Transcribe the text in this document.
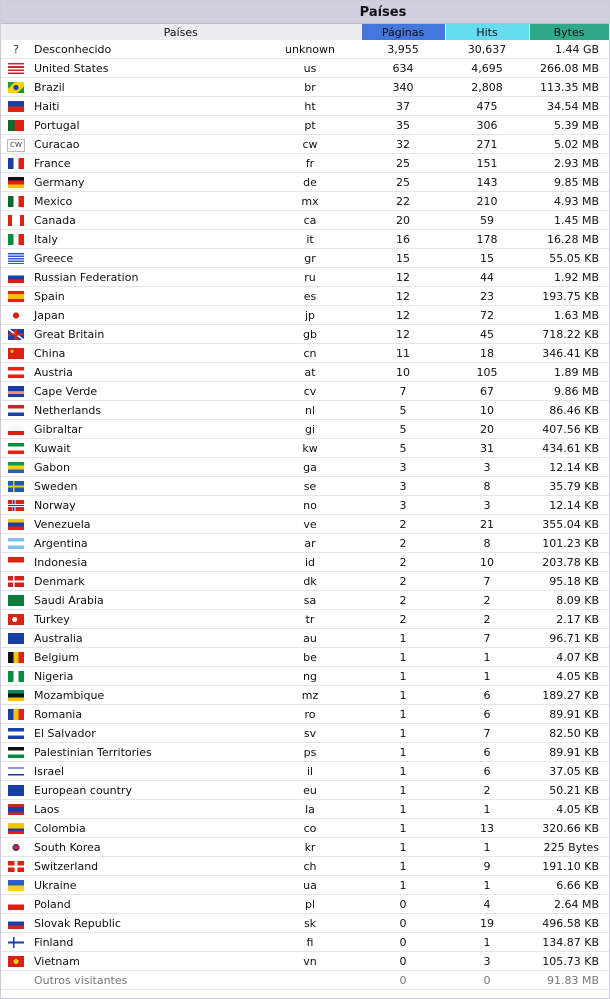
Países
Países			Páginas	Hits	Bytes
?	Desconhecido	unknown	3,955	30,637	1.44 GB
	United States	us	634	4,695	266.08 MB
	Brazil	br	340	2,808	113.35 MB
	Haiti	ht	37	475	34.54 MB
	Portugal	pt	35	306	5.39 MB
cw	Curacao	cw	32	271	5.02 MB
	France	fr	25	151	2.93 MB
	Germany	de	25	143	9.85 MB
	Mexico	mx	22	210	4.93 MB
	Canada	ca	20	59	1.45 MB
	Italy	it	16	178	16.28 MB
	Greece	gr	15	15	55.05 KB
	Russian Federation	ru	12	44	1.92 MB
	Spain	es	12	23	193.75 KB
	Japan	jp	12	72	1.63 MB
	Great Britain	gb	12	45	718.22 KB
	China	cn	11	18	346.41 KB
	Austria	at	10	105	1.89 MB
	Cape Verde	cv	7	67	9.86 MB
	Netherlands	nl	5	10	86.46 KB
	Gibraltar	gi	5	20	407.56 KB
	Kuwait	kw	5	31	434.61 KB
	Gabon	ga	3	3	12.14 KB
	Sweden	se	3	8	35.79 KB
	Norway	no	3	3	12.14 KB
	Venezuela	ve	2	21	355.04 KB
	Argentina	ar	2	8	101.23 KB
	Indonesia	id	2	10	203.78 KB
	Denmark	dk	2	7	95.18 KB
	Saudi Arabia	sa	2	2	8.09 KB
	Turkey	tr	2	2	2.17 KB
	Australia	au	1	7	96.71 KB
	Belgium	be	1	1	4.07 KB
	Nigeria	ng	1	1	4.05 KB
	Mozambique	mz	1	6	189.27 KB
	Romania	ro	1	6	89.91 KB
	El Salvador	sv	1	7	82.50 KB
	Palestinian Territories	ps	1	6	89.91 KB
	Israel	il	1	6	37.05 KB
	European country	eu	1	2	50.21 KB
	Laos	la	1	1	4.05 KB
	Colombia	co	1	13	320.66 KB
	South Korea	kr	1	1	225 Bytes
	Switzerland	ch	1	9	191.10 KB
	Ukraine	ua	1	1	6.66 KB
	Poland	pl	0	4	2.64 MB
	Slovak Republic	sk	0	19	496.58 KB
	Finland	fi	0	1	134.87 KB
	Vietnam	vn	0	3	105.73 KB
	Outros visitantes		0	0	91.83 MB
